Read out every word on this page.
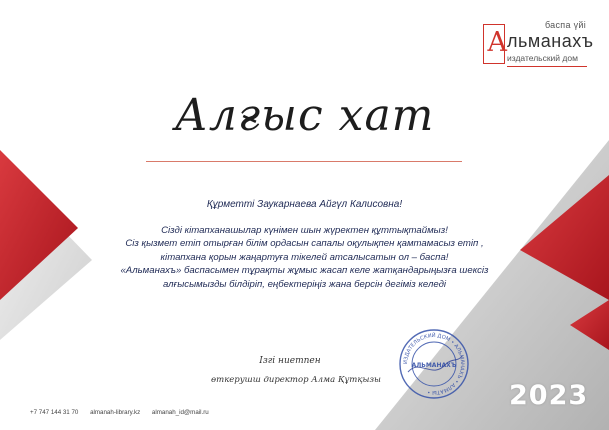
баспа үйі
А льманахъ
издательский дом
Алғыс хат
Құрметті Заукарнаева Айгүл Калисовна!

Сізді кітапханашылар күнімен шын жүректен құттықтаймыз!

Сіз қызмет етіп отырған білім ордасын сапалы оқулықпен қамтамасыз етіп ,

кітапхана қорын жаңартуға тікелей атсалысатын ол – баспа!

«Альманахъ» баспасымен тұрақты жұмыс жасап келе жатқандарыңызға шексіз

алғысымызды білдіріп, еңбектеріңіз жана берсін дегіміз келеді

Ізгі ниетпен
өткерушш директор Алма Құтқызы
ИЗДАТЕЛЬСКИЙ ДОМ • АЛЬМАНАХЪ • АЛМАТЫ •
АЛЬМАНАХЪ
2023
+7 747 144 31 70 almanah-library.kz almanah_id@mail.ru
